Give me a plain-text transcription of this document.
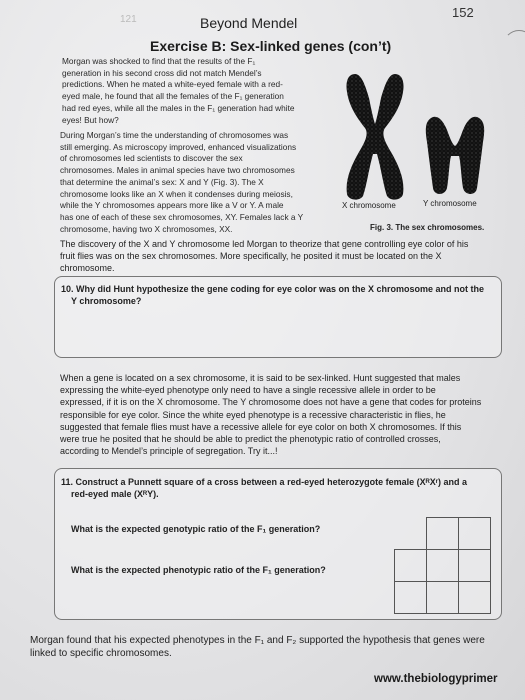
121	152
Beyond Mendel
Exercise B: Sex-linked genes (con’t)
Morgan was shocked to find that the results of the F₁
generation in his second cross did not match Mendel’s
predictions. When he mated a white-eyed female with a red-
eyed male, he found that all the females of the F₁ generation
had red eyes, while all the males in the F₁ generation had white
eyes! But how?
During Morgan’s time the understanding of chromosomes was
still emerging. As microscopy improved, enhanced visualizations
of chromosomes led scientists to discover the sex
chromosomes. Males in animal species have two chromosomes
that determine the animal’s sex: X and Y (Fig. 3). The X
chromosome looks like an X when it condenses during meiosis,
while the Y chromosomes appears more like a V or Y. A male
has one of each of these sex chromosomes, XY. Females lack a Y
chromosome, having two X chromosomes, XX.
X chromosome	Y chromosome
Fig. 3. The sex chromosomes.
The discovery of the X and Y chromosome led Morgan to theorize that gene controlling eye color of his
fruit flies was on the sex chromosomes. More specifically, he posited it must be located on the X
chromosome.
10. Why did Hunt hypothesize the gene coding for eye color was on the X chromosome and not the
Y chromosome?
When a gene is located on a sex chromosome, it is said to be sex-linked. Hunt suggested that males
expressing the white-eyed phenotype only need to have a single recessive allele in order to be
expressed, if it is on the X chromosome. The Y chromosome does not have a gene that codes for proteins
responsible for eye color. Since the white eyed phenotype is a recessive characteristic in flies, he
suggested that female flies must have a recessive allele for eye color on both X chromosomes. If this
were true he posited that he should be able to predict the phenotypic ratio of controlled crosses,
according to Mendel’s principle of segregation. Try it...!
11. Construct a Punnett square of a cross between a red-eyed heterozygote female (XᴿXʳ) and a
red-eyed male (XᴿY).
What is the expected genotypic ratio of the F₁ generation?
What is the expected phenotypic ratio of the F₁ generation?

Morgan found that his expected phenotypes in the F₁ and F₂ supported the hypothesis that genes were
linked to specific chromosomes.
www.thebiologyprimer
